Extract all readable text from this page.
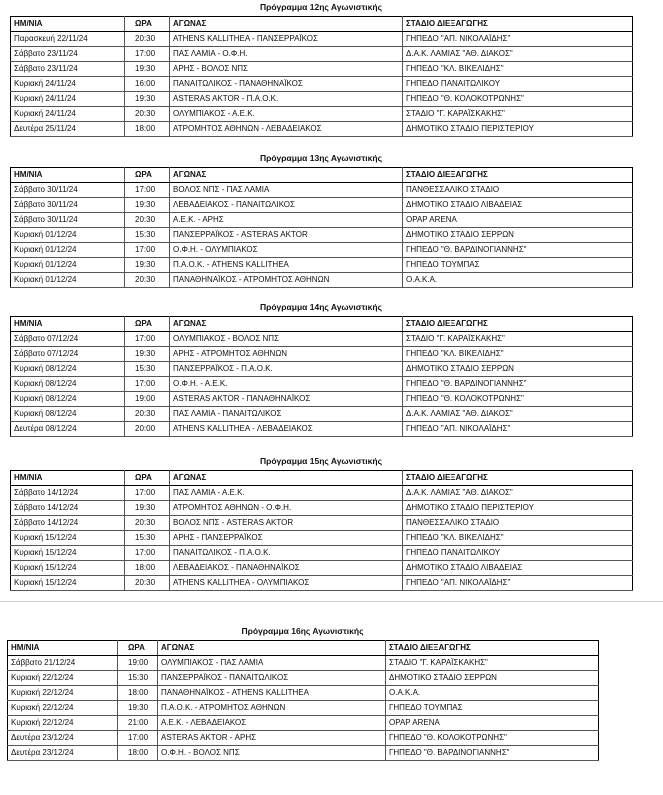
Πρόγραμμα 12ης Αγωνιστικής
ΗΜ/ΝΙΑ	ΩΡΑ	ΑΓΩΝΑΣ	ΣΤΑΔΙΟ ΔΙΕΞΑΓΩΓΗΣ
Παρασκευή 22/11/24	20:30	ATHENS KALLITHEA - ΠΑΝΣΕΡΡΑΪΚΟΣ	ΓΗΠΕΔΟ "ΑΠ. ΝΙΚΟΛΑΪΔΗΣ"
Σάββατο 23/11/24	17:00	ΠΑΣ ΛΑΜΙΑ - Ο.Φ.Η.	Δ.Α.Κ. ΛΑΜΙΑΣ "ΑΘ. ΔΙΑΚΟΣ"
Σάββατο 23/11/24	19:30	ΑΡΗΣ - ΒΟΛΟΣ ΝΠΣ	ΓΗΠΕΔΟ "ΚΛ. ΒΙΚΕΛΙΔΗΣ"
Κυριακή 24/11/24	16:00	ΠΑΝΑΙΤΩΛΙΚΟΣ - ΠΑΝΑΘΗΝΑΪΚΟΣ	ΓΗΠΕΔΟ ΠΑΝΑΙΤΩΛΙΚΟΥ
Κυριακή 24/11/24	19:30	ASTERAS AKTOR - Π.Α.Ο.Κ.	ΓΗΠΕΔΟ "Θ. ΚΟΛΟΚΟΤΡΩΝΗΣ"
Κυριακή 24/11/24	20:30	ΟΛΥΜΠΙΑΚΟΣ - Α.Ε.Κ.	ΣΤΑΔΙΟ "Γ. ΚΑΡΑΪΣΚΑΚΗΣ"
Δευτέρα 25/11/24	18:00	ΑΤΡΟΜΗΤΟΣ ΑΘΗΝΩΝ - ΛΕΒΑΔΕΙΑΚΟΣ	ΔΗΜΟΤΙΚΟ ΣΤΑΔΙΟ ΠΕΡΙΣΤΕΡΙΟΥ
Πρόγραμμα 13ης Αγωνιστικής
ΗΜ/ΝΙΑ	ΩΡΑ	ΑΓΩΝΑΣ	ΣΤΑΔΙΟ ΔΙΕΞΑΓΩΓΗΣ
Σάββατο 30/11/24	17:00	ΒΟΛΟΣ ΝΠΣ - ΠΑΣ ΛΑΜΙΑ	ΠΑΝΘΕΣΣΑΛΙΚΟ ΣΤΑΔΙΟ
Σάββατο 30/11/24	19:30	ΛΕΒΑΔΕΙΑΚΟΣ - ΠΑΝΑΙΤΩΛΙΚΟΣ	ΔΗΜΟΤΙΚΟ ΣΤΑΔΙΟ ΛΙΒΑΔΕΙΑΣ
Σάββατο 30/11/24	20:30	Α.Ε.Κ. - ΑΡΗΣ	OPAP ARENA
Κυριακή 01/12/24	15:30	ΠΑΝΣΕΡΡΑΪΚΟΣ - ASTERAS AKTOR	ΔΗΜΟΤΙΚΟ ΣΤΑΔΙΟ ΣΕΡΡΩΝ
Κυριακή 01/12/24	17:00	Ο.Φ.Η. - ΟΛΥΜΠΙΑΚΟΣ	ΓΗΠΕΔΟ "Θ. ΒΑΡΔΙΝΟΓΙΑΝΝΗΣ"
Κυριακή 01/12/24	19:30	Π.Α.Ο.Κ. - ATHENS KALLITHEA	ΓΗΠΕΔΟ ΤΟΥΜΠΑΣ
Κυριακή 01/12/24	20:30	ΠΑΝΑΘΗΝΑΪΚΟΣ - ΑΤΡΟΜΗΤΟΣ ΑΘΗΝΩΝ	Ο.Α.Κ.Α.
Πρόγραμμα 14ης Αγωνιστικής
ΗΜ/ΝΙΑ	ΩΡΑ	ΑΓΩΝΑΣ	ΣΤΑΔΙΟ ΔΙΕΞΑΓΩΓΗΣ
Σάββατο 07/12/24	17:00	ΟΛΥΜΠΙΑΚΟΣ - ΒΟΛΟΣ ΝΠΣ	ΣΤΑΔΙΟ "Γ. ΚΑΡΑΪΣΚΑΚΗΣ"
Σάββατο 07/12/24	19:30	ΑΡΗΣ - ΑΤΡΟΜΗΤΟΣ ΑΘΗΝΩΝ	ΓΗΠΕΔΟ "ΚΛ. ΒΙΚΕΛΙΔΗΣ"
Κυριακή 08/12/24	15:30	ΠΑΝΣΕΡΡΑΪΚΟΣ - Π.Α.Ο.Κ.	ΔΗΜΟΤΙΚΟ ΣΤΑΔΙΟ ΣΕΡΡΩΝ
Κυριακή 08/12/24	17:00	Ο.Φ.Η. - Α.Ε.Κ.	ΓΗΠΕΔΟ "Θ. ΒΑΡΔΙΝΟΓΙΑΝΝΗΣ"
Κυριακή 08/12/24	19:00	ASTERAS AKTOR - ΠΑΝΑΘΗΝΑΪΚΟΣ	ΓΗΠΕΔΟ "Θ. ΚΟΛΟΚΟΤΡΩΝΗΣ"
Κυριακή 08/12/24	20:30	ΠΑΣ ΛΑΜΙΑ - ΠΑΝΑΙΤΩΛΙΚΟΣ	Δ.Α.Κ. ΛΑΜΙΑΣ "ΑΘ. ΔΙΑΚΟΣ"
Δευτέρα 08/12/24	20:00	ATHENS KALLITHEA - ΛΕΒΑΔΕΙΑΚΟΣ	ΓΗΠΕΔΟ "ΑΠ. ΝΙΚΟΛΑΪΔΗΣ"
Πρόγραμμα 15ης Αγωνιστικής
ΗΜ/ΝΙΑ	ΩΡΑ	ΑΓΩΝΑΣ	ΣΤΑΔΙΟ ΔΙΕΞΑΓΩΓΗΣ
Σάββατο 14/12/24	17:00	ΠΑΣ ΛΑΜΙΑ - Α.Ε.Κ.	Δ.Α.Κ. ΛΑΜΙΑΣ "ΑΘ. ΔΙΑΚΟΣ"
Σάββατο 14/12/24	19:30	ΑΤΡΟΜΗΤΟΣ ΑΘΗΝΩΝ - Ο.Φ.Η.	ΔΗΜΟΤΙΚΟ ΣΤΑΔΙΟ ΠΕΡΙΣΤΕΡΙΟΥ
Σάββατο 14/12/24	20:30	ΒΟΛΟΣ ΝΠΣ - ASTERAS AKTOR	ΠΑΝΘΕΣΣΑΛΙΚΟ ΣΤΑΔΙΟ
Κυριακή 15/12/24	15:30	ΑΡΗΣ - ΠΑΝΣΕΡΡΑΪΚΟΣ	ΓΗΠΕΔΟ "ΚΛ. ΒΙΚΕΛΙΔΗΣ"
Κυριακή 15/12/24	17:00	ΠΑΝΑΙΤΩΛΙΚΟΣ - Π.Α.Ο.Κ.	ΓΗΠΕΔΟ ΠΑΝΑΙΤΩΛΙΚΟΥ
Κυριακή 15/12/24	18:00	ΛΕΒΑΔΕΙΑΚΟΣ - ΠΑΝΑΘΗΝΑΪΚΟΣ	ΔΗΜΟΤΙΚΟ ΣΤΑΔΙΟ ΛΙΒΑΔΕΙΑΣ
Κυριακή 15/12/24	20:30	ATHENS KALLITHEA - ΟΛΥΜΠΙΑΚΟΣ	ΓΗΠΕΔΟ "ΑΠ. ΝΙΚΟΛΑΪΔΗΣ"
Πρόγραμμα 16ης Αγωνιστικής
ΗΜ/ΝΙΑ	ΩΡΑ	ΑΓΩΝΑΣ	ΣΤΑΔΙΟ ΔΙΕΞΑΓΩΓΗΣ
Σάββατο 21/12/24	19:00	ΟΛΥΜΠΙΑΚΟΣ - ΠΑΣ ΛΑΜΙΑ	ΣΤΑΔΙΟ "Γ. ΚΑΡΑΪΣΚΑΚΗΣ"
Κυριακή 22/12/24	15:30	ΠΑΝΣΕΡΡΑΪΚΟΣ - ΠΑΝΑΙΤΩΛΙΚΟΣ	ΔΗΜΟΤΙΚΟ ΣΤΑΔΙΟ ΣΕΡΡΩΝ
Κυριακή 22/12/24	18:00	ΠΑΝΑΘΗΝΑΪΚΟΣ - ATHENS KALLITHEA	Ο.Α.Κ.Α.
Κυριακή 22/12/24	19:30	Π.Α.Ο.Κ. - ΑΤΡΟΜΗΤΟΣ ΑΘΗΝΩΝ	ΓΗΠΕΔΟ ΤΟΥΜΠΑΣ
Κυριακή 22/12/24	21:00	Α.Ε.Κ. - ΛΕΒΑΔΕΙΑΚΟΣ	OPAP ARENA
Δευτέρα 23/12/24	17:00	ASTERAS AKTOR - ΑΡΗΣ	ΓΗΠΕΔΟ "Θ. ΚΟΛΟΚΟΤΡΩΝΗΣ"
Δευτέρα 23/12/24	18:00	Ο.Φ.Η. - ΒΟΛΟΣ ΝΠΣ	ΓΗΠΕΔΟ "Θ. ΒΑΡΔΙΝΟΓΙΑΝΝΗΣ"
